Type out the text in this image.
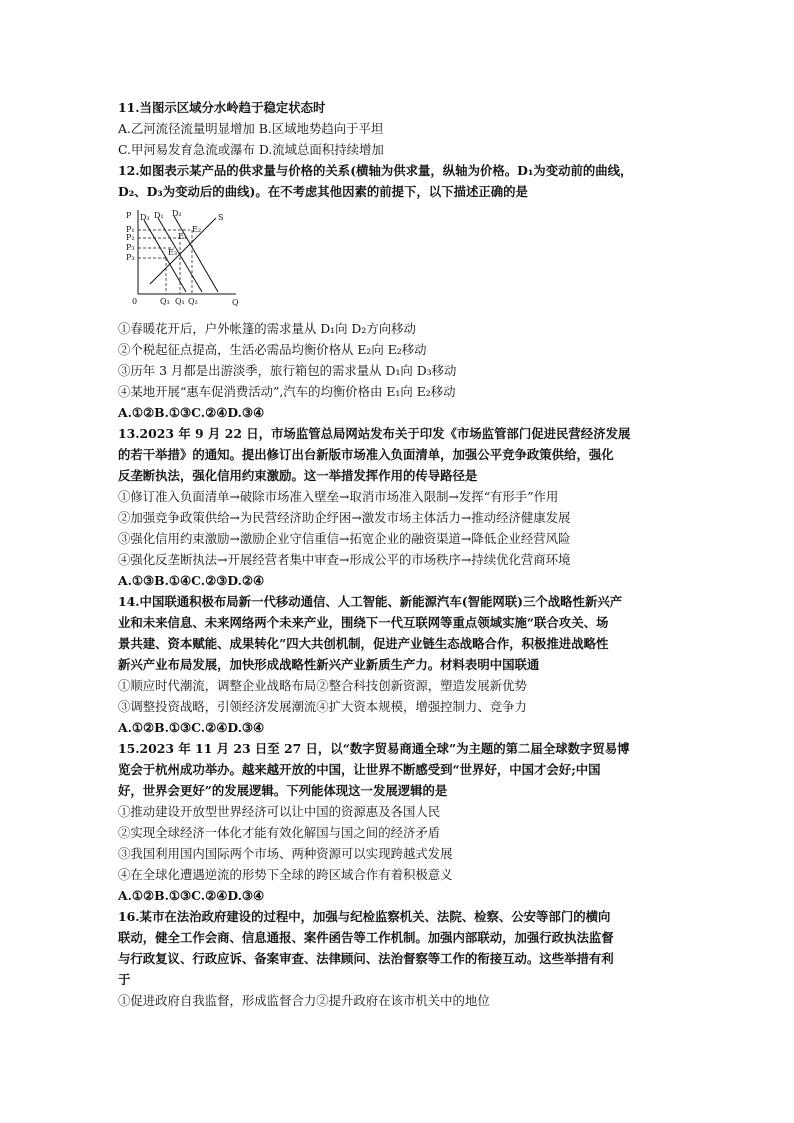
11.当图示区域分水岭趋于稳定状态时
A.乙河流径流量明显增加 B.区域地势趋向于平坦
C.甲河易发育急流或瀑布 D.流域总面积持续增加
12.如图表示某产品的供求量与价格的关系(横轴为供求量，纵轴为价格。D₁为变动前的曲线，
D₂、D₃为变动后的曲线)。在不考虑其他因素的前提下，以下描述正确的是
P D₃ D₁ D₂	S
P₁
P₂
P₃
P₃
E₁
E₂
E₃
0	Q₃ Q₁ Q₂	Q
①春暖花开后，户外帐篷的需求量从 D₁向 D₂方向移动
②个税起征点提高，生活必需品均衡价格从 E₂向 E₂移动
③历年 3 月都是出游淡季，旅行箱包的需求量从 D₁向 D₃移动
④某地开展“惠车促消费活动”,汽车的均衡价格由 E₁向 E₂移动
A.①②B.①③C.②④D.③④
13.2023 年 9 月 22 日，市场监管总局网站发布关于印发《市场监管部门促进民营经济发展
的若干举措》的通知。提出修订出台新版市场准入负面清单，加强公平竞争政策供给，强化
反垄断执法，强化信用约束激励。这一举措发挥作用的传导路径是
①修订准入负面清单→破除市场准入壁垒→取消市场准入限制→发挥“有形手”作用
②加强竞争政策供给→为民营经济助企纾困→激发市场主体活力→推动经济健康发展
③强化信用约束激励→激励企业守信重信→拓宽企业的融资渠道→降低企业经营风险
④强化反垄断执法→开展经营者集中审查→形成公平的市场秩序→持续优化营商环境
A.①③B.①④C.②③D.②④
14.中国联通积极布局新一代移动通信、人工智能、新能源汽车(智能网联)三个战略性新兴产
业和未来信息、未来网络两个未来产业，围绕下一代互联网等重点领域实施“联合攻关、场
景共建、资本赋能、成果转化”四大共创机制，促进产业链生态战略合作，积极推进战略性
新兴产业布局发展，加快形成战略性新兴产业新质生产力。材料表明中国联通
①顺应时代潮流，调整企业战略布局②整合科技创新资源，塑造发展新优势
③调整投资战略，引领经济发展潮流④扩大资本规模，增强控制力、竞争力
A.①②B.①③C.②④D.③④
15.2023 年 11 月 23 日至 27 日，以“数字贸易商通全球”为主题的第二届全球数字贸易博
览会于杭州成功举办。越来越开放的中国，让世界不断感受到“世界好，中国才会好;中国
好，世界会更好”的发展逻辑。下列能体现这一发展逻辑的是
①推动建设开放型世界经济可以让中国的资源惠及各国人民
②实现全球经济一体化才能有效化解国与国之间的经济矛盾
③我国利用国内国际两个市场、两种资源可以实现跨越式发展
④在全球化遭遇逆流的形势下全球的跨区域合作有着积极意义
A.①②B.①③C.②④D.③④
16.某市在法治政府建设的过程中，加强与纪检监察机关、法院、检察、公安等部门的横向
联动，健全工作会商、信息通报、案件函告等工作机制。加强内部联动，加强行政执法监督
与行政复议、行政应诉、备案审查、法律顾问、法治督察等工作的衔接互动。这些举措有利
于
①促进政府自我监督，形成监督合力②提升政府在该市机关中的地位
